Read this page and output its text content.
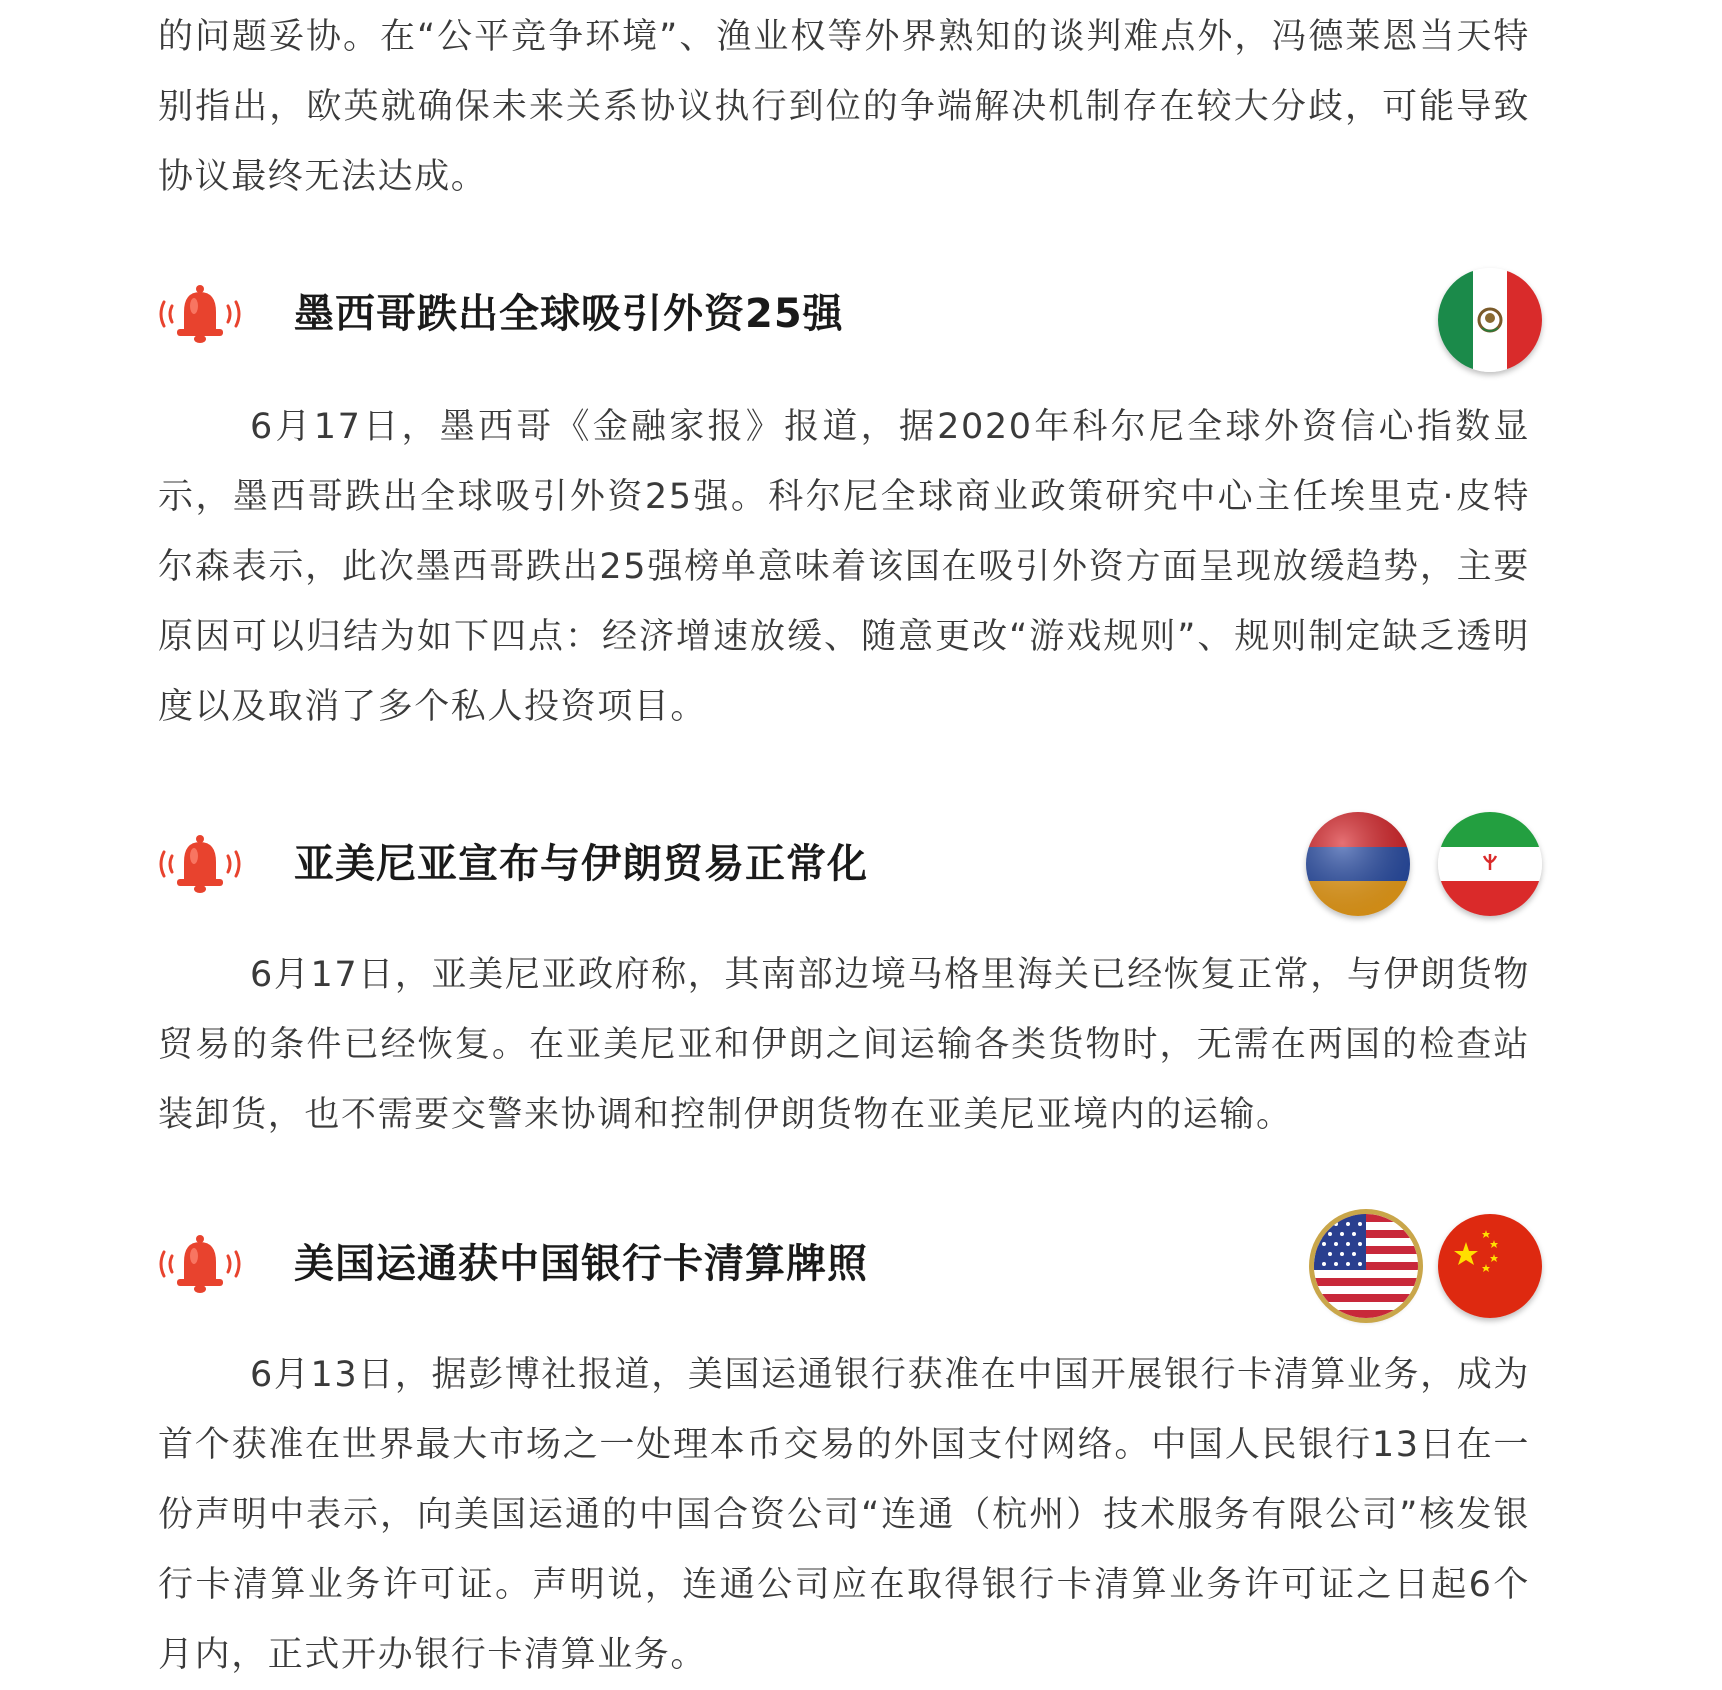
的问题妥协。在“公平竞争环境”、渔业权等外界熟知的谈判难点外，冯德莱恩当天特别指出，欧英就确保未来关系协议执行到位的争端解决机制存在较大分歧，可能导致协议最终无法达成。

墨西哥跌出全球吸引外资25强

6月17日，墨西哥《金融家报》报道，据2020年科尔尼全球外资信心指数显示，墨西哥跌出全球吸引外资25强。科尔尼全球商业政策研究中心主任埃里克·皮特尔森表示，此次墨西哥跌出25强榜单意味着该国在吸引外资方面呈现放缓趋势，主要原因可以归结为如下四点：经济增速放缓、随意更改“游戏规则”、规则制定缺乏透明度以及取消了多个私人投资项目。

亚美尼亚宣布与伊朗贸易正常化

6月17日，亚美尼亚政府称，其南部边境马格里海关已经恢复正常，与伊朗货物贸易的条件已经恢复。在亚美尼亚和伊朗之间运输各类货物时，无需在两国的检查站装卸货，也不需要交警来协调和控制伊朗货物在亚美尼亚境内的运输。

美国运通获中国银行卡清算牌照

6月13日，据彭博社报道，美国运通银行获准在中国开展银行卡清算业务，成为首个获准在世界最大市场之一处理本币交易的外国支付网络。中国人民银行13日在一份声明中表示，向美国运通的中国合资公司“连通（杭州）技术服务有限公司”核发银行卡清算业务许可证。声明说，连通公司应在取得银行卡清算业务许可证之日起6个月内，正式开办银行卡清算业务。
